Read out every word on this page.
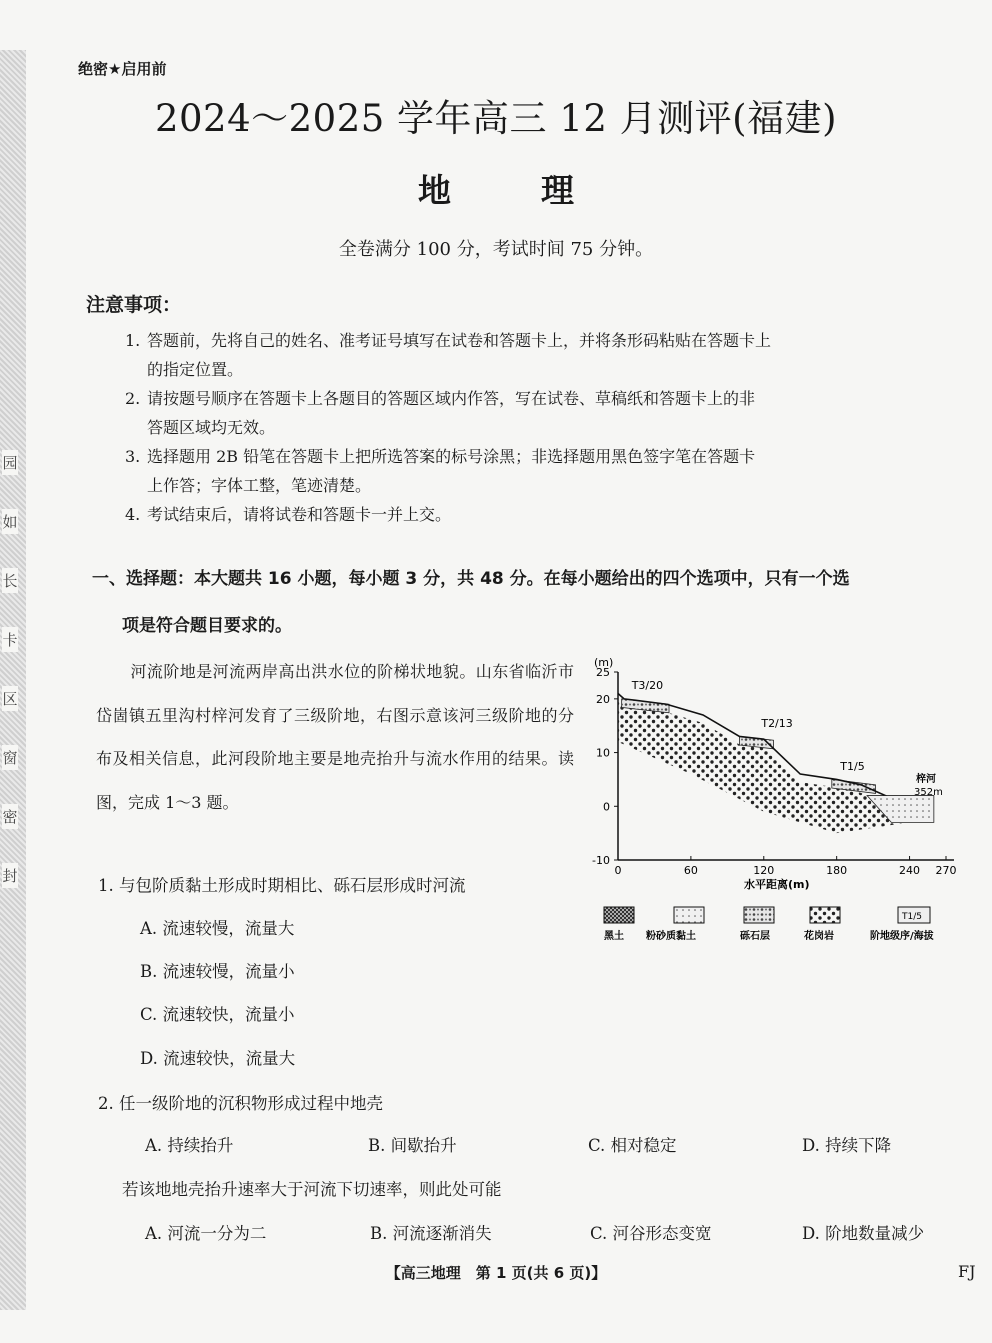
园
如
长
卡
区
窗
密
封
绝密★启用前
2024～2025 学年高三 12 月测评(福建)
地理
全卷满分 100 分，考试时间 75 分钟。
注意事项：
1. 答题前，先将自己的姓名、准考证号填写在试卷和答题卡上，并将条形码粘贴在答题卡上
的指定位置。
2. 请按题号顺序在答题卡上各题目的答题区域内作答，写在试卷、草稿纸和答题卡上的非
答题区域均无效。
3. 选择题用 2B 铅笔在答题卡上把所选答案的标号涂黑；非选择题用黑色签字笔在答题卡
上作答；字体工整，笔迹清楚。
4. 考试结束后，请将试卷和答题卡一并上交。

一、选择题：本大题共 16 小题，每小题 3 分，共 48 分。在每小题给出的四个选项中，只有一个选

项是符合题目要求的。

河流阶地是河流两岸高出洪水位的阶梯状地貌。山东省临沂市岱崮镇五里沟村梓河发育了三级阶地，右图示意该河三级阶地的分布及相关信息，此河段阶地主要是地壳抬升与流水作用的结果。读图，完成 1～3 题。
(m)
水平距离(m)
-10
0
10
20
25
0	60	120	180	240 270
T3/20
T2/13
T1/5
梓河
352m
黑土 粉砂质黏土	砾石层	花岗岩
T1/5
阶地级序/海拔
1. 与包阶质黏土形成时期相比、砾石层形成时河流
A. 流速较慢，流量大
B. 流速较慢，流量小
C. 流速较快，流量小
D. 流速较快，流量大
2. 任一级阶地的沉积物形成过程中地壳
A. 持续抬升	B. 间歇抬升	C. 相对稳定	D. 持续下降
若该地地壳抬升速率大于河流下切速率，则此处可能
A. 河流一分为二	B. 河流逐渐消失	C. 河谷形态变宽	D. 阶地数量减少
【高三地理　第 1 页(共 6 页)】	FJ
